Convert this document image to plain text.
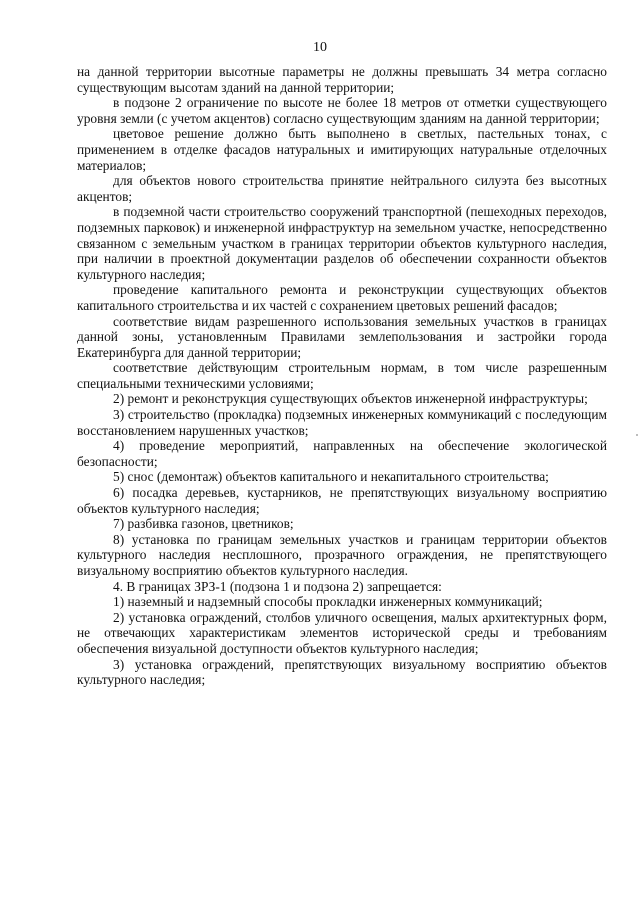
10

на данной территории высотные параметры не должны превышать 34 метра согласно существующим высотам зданий на данной территории;

в подзоне 2 ограничение по высоте не более 18 метров от отметки существующего уровня земли (с учетом акцентов) согласно существующим зданиям на данной территории;

цветовое решение должно быть выполнено в светлых, пастельных тонах, с применением в отделке фасадов натуральных и имитирующих натуральные отделочных материалов;

для объектов нового строительства принятие нейтрального силуэта без высотных акцентов;

в подземной части строительство сооружений транспортной (пешеходных переходов, подземных парковок) и инженерной инфраструктур на земельном участке, непосредственно связанном с земельным участком в границах территории объектов культурного наследия, при наличии в проектной документации разделов об обеспечении сохранности объектов культурного наследия;

проведение капитального ремонта и реконструкции существующих объектов капитального строительства и их частей с сохранением цветовых решений фасадов;

соответствие видам разрешенного использования земельных участков в границах данной зоны, установленным Правилами землепользования и застройки города Екатеринбурга для данной территории;

соответствие действующим строительным нормам, в том числе разрешенным специальными техническими условиями;

2) ремонт и реконструкция существующих объектов инженерной инфраструктуры;

3) строительство (прокладка) подземных инженерных коммуникаций с последующим восстановлением нарушенных участков;

4) проведение мероприятий, направленных на обеспечение экологической безопасности;

5) снос (демонтаж) объектов капитального и некапитального строительства;

6) посадка деревьев, кустарников, не препятствующих визуальному восприятию объектов культурного наследия;

7) разбивка газонов, цветников;

8) установка по границам земельных участков и границам территории объектов культурного наследия несплошного, прозрачного ограждения, не препятствующего визуальному восприятию объектов культурного наследия.

4. В границах ЗРЗ-1 (подзона 1 и подзона 2) запрещается:

1) наземный и надземный способы прокладки инженерных коммуникаций;

2) установка ограждений, столбов уличного освещения, малых архитектурных форм, не отвечающих характеристикам элементов исторической среды и требованиям обеспечения визуальной доступности объектов культурного наследия;

3) установка ограждений, препятствующих визуальному восприятию объектов культурного наследия;
